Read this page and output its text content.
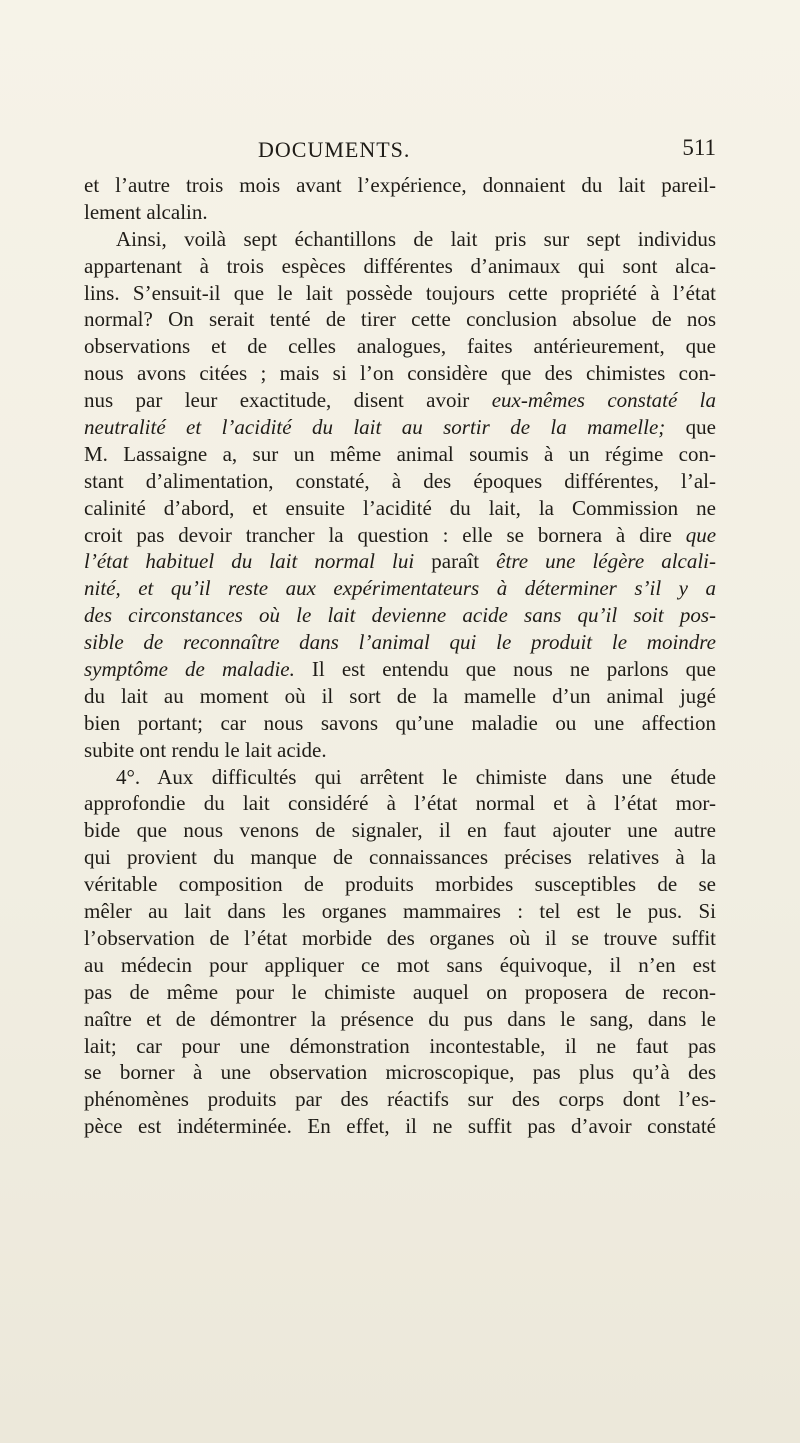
DOCUMENTS.	511
et l’autre trois mois avant l’expérience, donnaient du lait pareil-
lement alcalin.
Ainsi, voilà sept échantillons de lait pris sur sept individus
appartenant à trois espèces différentes d’animaux qui sont alca-
lins. S’ensuit-il que le lait possède toujours cette propriété à l’état
normal? On serait tenté de tirer cette conclusion absolue de nos
observations et de celles analogues, faites antérieurement, que
nous avons citées ; mais si l’on considère que des chimistes con-
nus par leur exactitude, disent avoir eux-mêmes constaté la
neutralité et l’acidité du lait au sortir de la mamelle; que
M. Lassaigne a, sur un même animal soumis à un régime con-
stant d’alimentation, constaté, à des époques différentes, l’al-
calinité d’abord, et ensuite l’acidité du lait, la Commission ne
croit pas devoir trancher la question : elle se bornera à dire que
l’état habituel du lait normal lui paraît être une légère alcali-
nité, et qu’il reste aux expérimentateurs à déterminer s’il y a
des circonstances où le lait devienne acide sans qu’il soit pos-
sible de reconnaître dans l’animal qui le produit le moindre
symptôme de maladie. Il est entendu que nous ne parlons que
du lait au moment où il sort de la mamelle d’un animal jugé
bien portant; car nous savons qu’une maladie ou une affection
subite ont rendu le lait acide.
4°. Aux difficultés qui arrêtent le chimiste dans une étude
approfondie du lait considéré à l’état normal et à l’état mor-
bide que nous venons de signaler, il en faut ajouter une autre
qui provient du manque de connaissances précises relatives à la
véritable composition de produits morbides susceptibles de se
mêler au lait dans les organes mammaires : tel est le pus. Si
l’observation de l’état morbide des organes où il se trouve suffit
au médecin pour appliquer ce mot sans équivoque, il n’en est
pas de même pour le chimiste auquel on proposera de recon-
naître et de démontrer la présence du pus dans le sang, dans le
lait; car pour une démonstration incontestable, il ne faut pas
se borner à une observation microscopique, pas plus qu’à des
phénomènes produits par des réactifs sur des corps dont l’es-
pèce est indéterminée. En effet, il ne suffit pas d’avoir constaté
